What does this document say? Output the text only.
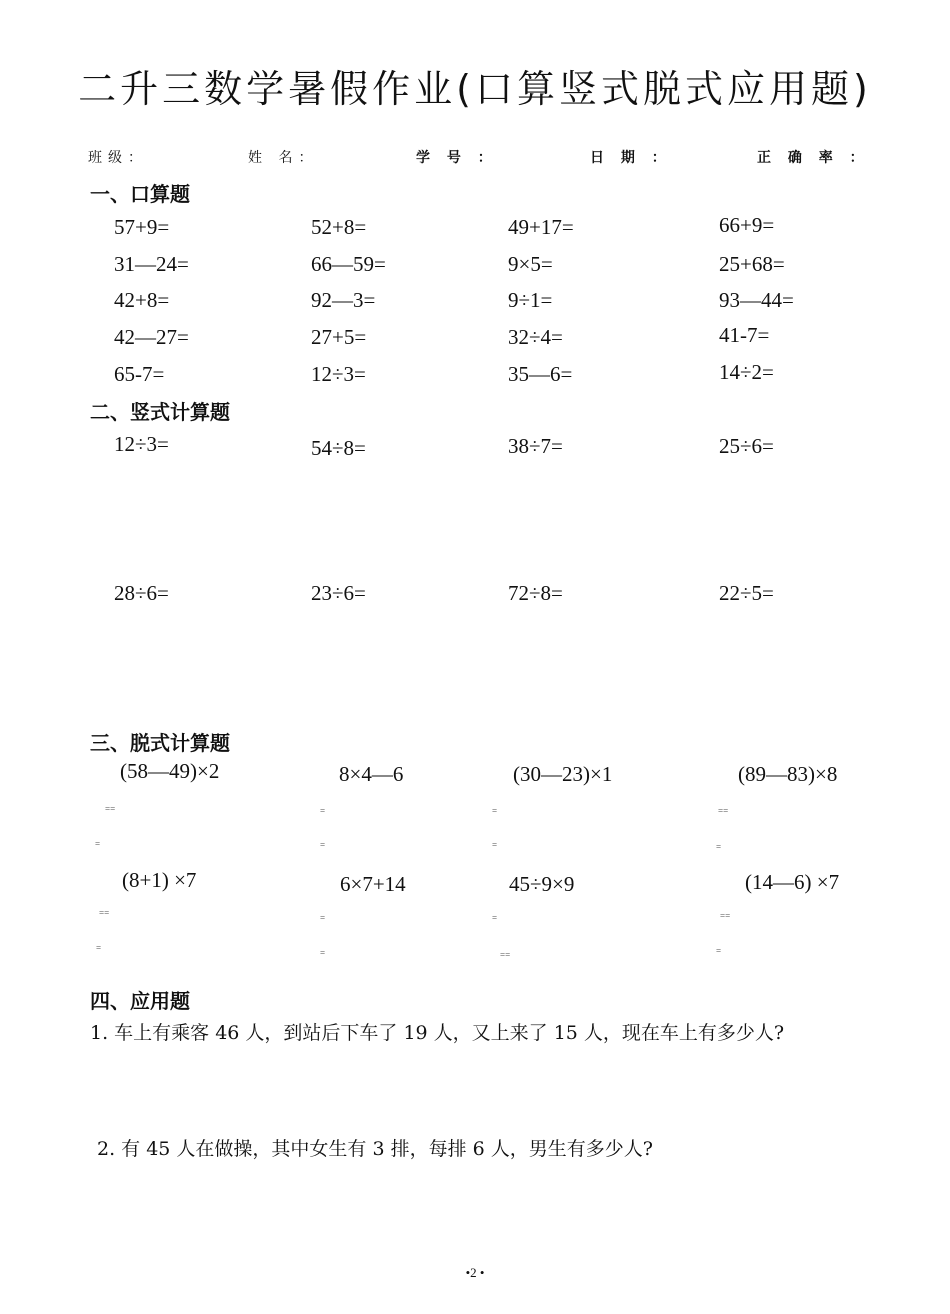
二升三数学暑假作业(口算竖式脱式应用题)
班级：	姓 名：	学 号 ：	日 期 ：	正 确 率 ：
一、口算题
57+9=	52+8=	49+17=	66+9=
31—24=	66—59=	9×5=	25+68=
42+8=	92—3=	9÷1=	93—44=
42—27=	27+5=	32÷4=	41-7=
65-7=	12÷3=	35—6=	14÷2=
二、竖式计算题
12÷3=	54÷8=	38÷7=	25÷6=
28÷6=	23÷6=	72÷8=	22÷5=
三、脱式计算题
(58—49)×2	8×4—6	(30—23)×1	(89—83)×8
==	=	=	==
=	=	=	=
(8+1) ×7	6×7+14	45÷9×9	(14—6) ×7
==	=	=	==
=	=	==	=
四、应用题
1. 车上有乘客 46 人，到站后下车了 19 人，又上来了 15 人，现在车上有多少人?
2. 有 45 人在做操，其中女生有 3 排，每排 6 人，男生有多少人?
•2 •
